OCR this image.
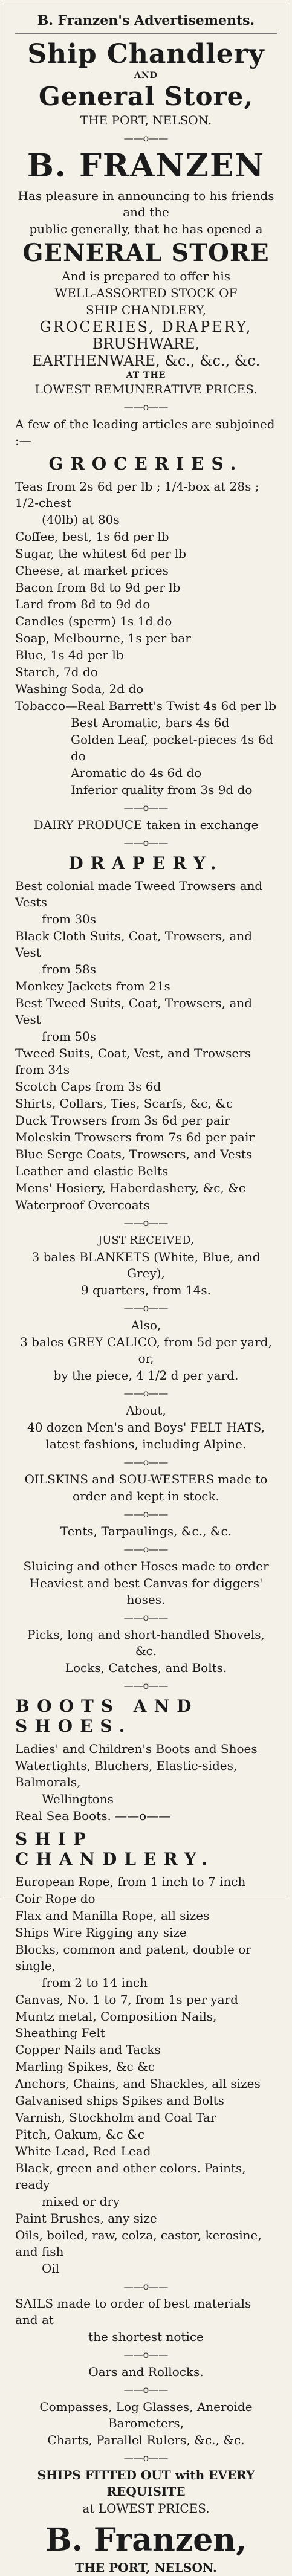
B. Franzen's Advertisements.
Ship Chandlery
AND
General Store,
THE PORT, NELSON.
——o——
B. FRANZEN
Has pleasure in announcing to his friends and the
public generally, that he has opened a
GENERAL STORE
And is prepared to offer his
WELL-ASSORTED STOCK OF
SHIP CHANDLERY,
GROCERIES, DRAPERY,
BRUSHWARE,
EARTHENWARE, &c., &c., &c.
AT THE
LOWEST REMUNERATIVE PRICES.
——o——
A few of the leading articles are subjoined :—
GROCERIES.
Teas from 2s 6d per lb ; 1/4-box at 28s ; 1/2-chest
(40lb) at 80s
Coffee, best, 1s 6d per lb
Sugar, the whitest 6d per lb
Cheese, at market prices
Bacon from 8d to 9d per lb
Lard from 8d to 9d do
Candles (sperm) 1s 1d do
Soap, Melbourne, 1s per bar
Blue, 1s 4d per lb
Starch, 7d do
Washing Soda, 2d do
Tobacco—Real Barrett's Twist 4s 6d per lb
Best Aromatic, bars 4s 6d
Golden Leaf, pocket-pieces 4s 6d do
Aromatic do 4s 6d do
Inferior quality from 3s 9d do
——o——
DAIRY PRODUCE taken in exchange
——o——
DRAPERY.
Best colonial made Tweed Trowsers and Vests
from 30s
Black Cloth Suits, Coat, Trowsers, and Vest
from 58s
Monkey Jackets from 21s
Best Tweed Suits, Coat, Trowsers, and Vest
from 50s
Tweed Suits, Coat, Vest, and Trowsers from 34s
Scotch Caps from 3s 6d
Shirts, Collars, Ties, Scarfs, &c, &c
Duck Trowsers from 3s 6d per pair
Moleskin Trowsers from 7s 6d per pair
Blue Serge Coats, Trowsers, and Vests
Leather and elastic Belts
Mens' Hosiery, Haberdashery, &c, &c
Waterproof Overcoats
——o——
JUST RECEIVED,
3 bales BLANKETS (White, Blue, and Grey),
9 quarters, from 14s.
——o——
Also,
3 bales GREY CALICO, from 5d per yard, or,
by the piece, 4 1/2 d per yard.
——o——
About,
40 dozen Men's and Boys' FELT HATS,
latest fashions, including Alpine.
——o——
OILSKINS and SOU-WESTERS made to
order and kept in stock.
——o——
Tents, Tarpaulings, &c., &c.
——o——
Sluicing and other Hoses made to order
Heaviest and best Canvas for diggers' hoses.
——o——
Picks, long and short-handled Shovels, &c.
Locks, Catches, and Bolts.
——o——
BOOTS AND SHOES.
Ladies' and Children's Boots and Shoes
Watertights, Bluchers, Elastic-sides, Balmorals,
Wellingtons
Real Sea Boots. ——o——
SHIP CHANDLERY.
European Rope, from 1 inch to 7 inch
Coir Rope do
Flax and Manilla Rope, all sizes
Ships Wire Rigging any size
Blocks, common and patent, double or single,
from 2 to 14 inch
Canvas, No. 1 to 7, from 1s per yard
Muntz metal, Composition Nails, Sheathing Felt
Copper Nails and Tacks
Marling Spikes, &c &c
Anchors, Chains, and Shackles, all sizes
Galvanised ships Spikes and Bolts
Varnish, Stockholm and Coal Tar
Pitch, Oakum, &c &c
White Lead, Red Lead
Black, green and other colors. Paints, ready
mixed or dry
Paint Brushes, any size
Oils, boiled, raw, colza, castor, kerosine, and fish
Oil
——o——
SAILS made to order of best materials and at
the shortest notice
——o——
Oars and Rollocks.
——o——
Compasses, Log Glasses, Aneroide Barometers,
Charts, Parallel Rulers, &c., &c.
——o——
SHIPS FITTED OUT with EVERY REQUISITE
at LOWEST PRICES.
B. Franzen,
THE PORT, NELSON.
